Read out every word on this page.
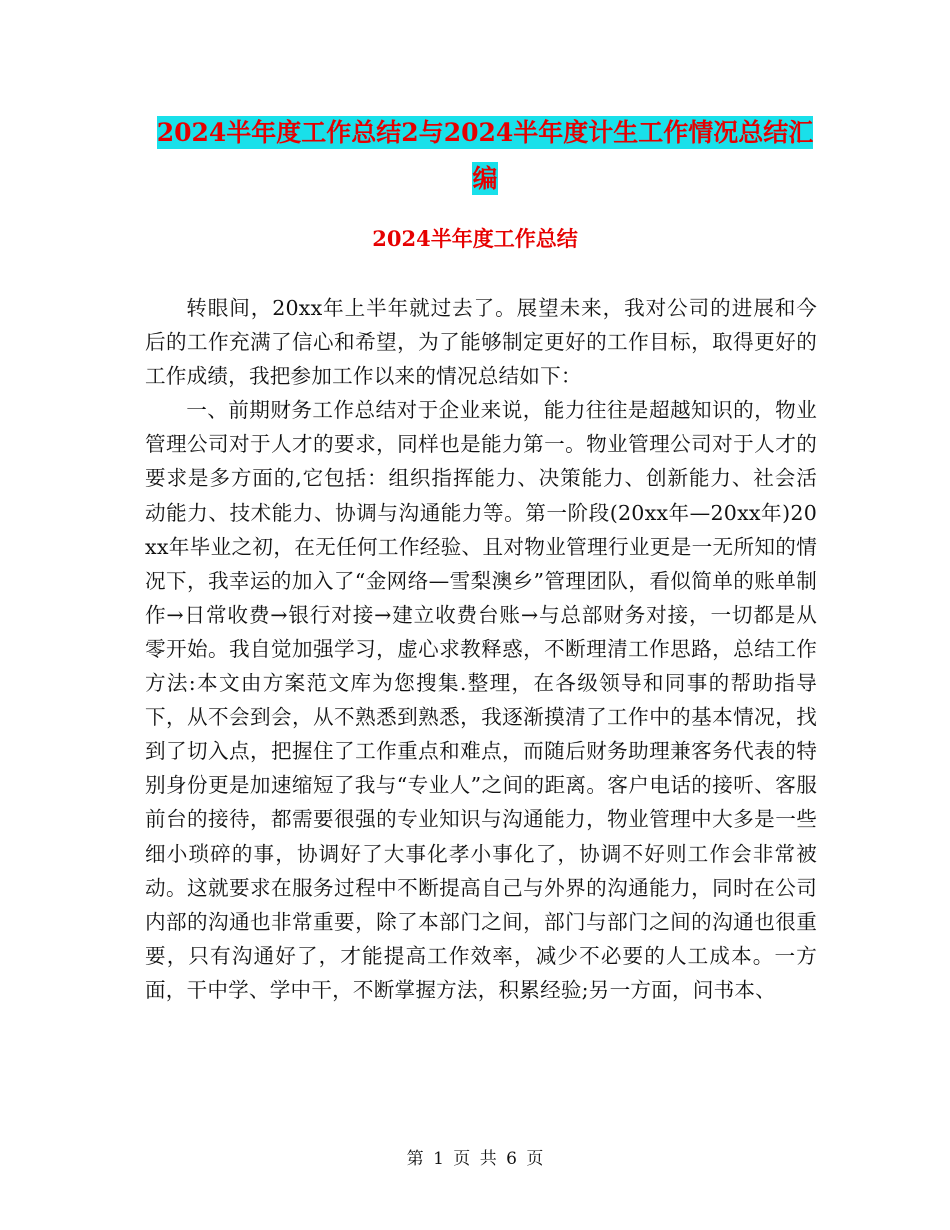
2024半年度工作总结2与2024半年度计生工作情况总结汇编
2024半年度工作总结

转眼间，20xx年上半年就过去了。展望未来，我对公司的进展和今后的工作充满了信心和希望，为了能够制定更好的工作目标，取得更好的工作成绩，我把参加工作以来的情况总结如下：

一、前期财务工作总结对于企业来说，能力往往是超越知识的，物业管理公司对于人才的要求，同样也是能力第一。物业管理公司对于人才的要求是多方面的,它包括：组织指挥能力、决策能力、创新能力、社会活动能力、技术能力、协调与沟通能力等。第一阶段(20xx年—20xx年)20xx年毕业之初，在无任何工作经验、且对物业管理行业更是一无所知的情况下，我幸运的加入了“金网络—雪梨澳乡”管理团队，看似简单的账单制作→日常收费→银行对接→建立收费台账→与总部财务对接，一切都是从零开始。我自觉加强学习，虚心求教释惑，不断理清工作思路，总结工作方法:本文由方案范文库为您搜集.整理，在各级领导和同事的帮助指导下，从不会到会，从不熟悉到熟悉，我逐渐摸清了工作中的基本情况，找到了切入点，把握住了工作重点和难点，而随后财务助理兼客务代表的特别身份更是加速缩短了我与“专业人”之间的距离。客户电话的接听、客服前台的接待，都需要很强的专业知识与沟通能力，物业管理中大多是一些细小琐碎的事，协调好了大事化孝小事化了，协调不好则工作会非常被动。这就要求在服务过程中不断提高自己与外界的沟通能力，同时在公司内部的沟通也非常重要，除了本部门之间，部门与部门之间的沟通也很重要，只有沟通好了，才能提高工作效率，减少不必要的人工成本。一方面，干中学、学中干，不断掌握方法，积累经验;另一方面，问书本、

第 1 页 共 6 页
